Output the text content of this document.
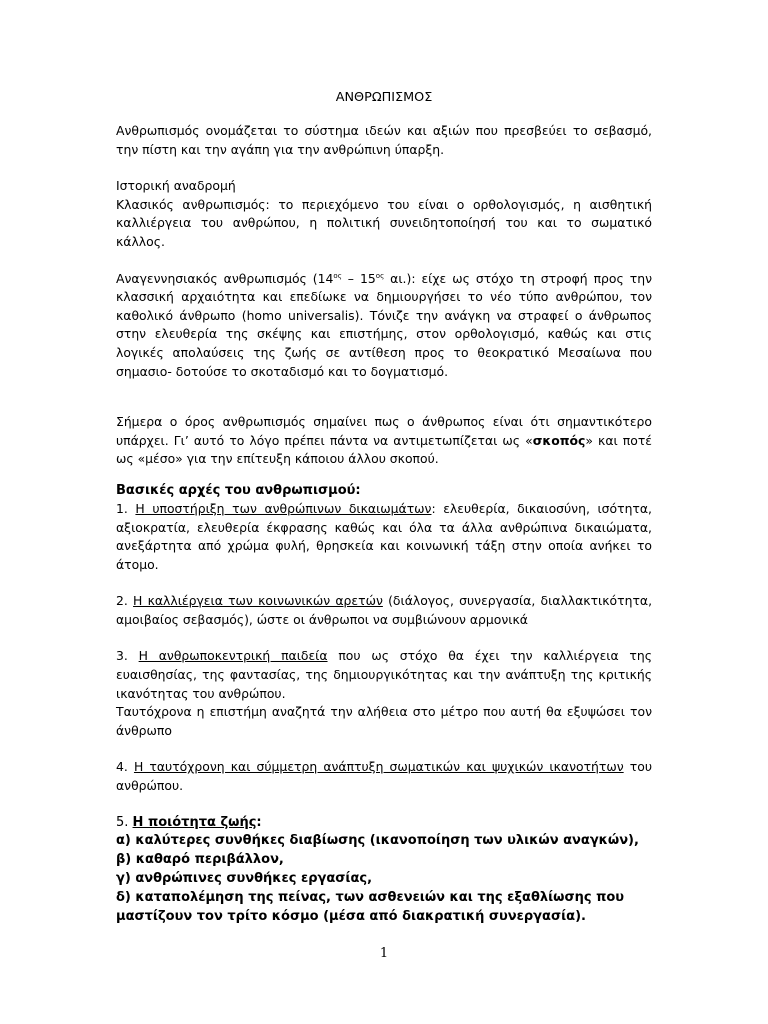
ΑΝΘΡΩΠΙΣΜΟΣ

Ανθρωπισμός ονομάζεται το σύστημα ιδεών και αξιών που πρεσβεύει το σεβασμό, την πίστη και την αγάπη για την ανθρώπινη ύπαρξη.

Ιστορική αναδρομή

Κλασικός ανθρωπισμός: το περιεχόμενο του είναι ο ορθολογισμός, η αισθητική καλλιέργεια του ανθρώπου, η πολιτική συνειδητοποίησή του και το σωματικό κάλλος.

Αναγεννησιακός ανθρωπισμός ($14^{o\varsigma} - 15^{o\varsigma}$ αι.): είχε ως στόχο τη στροφή προς την κλασσική αρχαιότητα και επεδίωκε να δημιουργήσει το νέο τύπο ανθρώπου, τον καθολικό άνθρωπο (homo universalis). Τόνιζε την ανάγκη να στραφεί ο άνθρωπος στην ελευθερία της σκέψης και επιστήμης, στον ορθολογισμό, καθώς και στις λογικές απολαύσεις της ζωής σε αντίθεση προς το θεοκρατικό Μεσαίωνα που σημασιο- δοτούσε το σκοταδισμό και το δογματισμό.

Σήμερα ο όρος ανθρωπισμός σημαίνει πως ο άνθρωπος είναι ότι σημαντικότερο υπάρχει. Γι’ αυτό το λόγο πρέπει πάντα να αντιμετωπίζεται ως «σκοπός» και ποτέ ως «μέσο» για την επίτευξη κάποιου άλλου σκοπού.

Βασικές αρχές του ανθρωπισμού:

1. Η υποστήριξη των ανθρώπινων δικαιωμάτων: ελευθερία, δικαιοσύνη, ισότητα, αξιοκρατία, ελευθερία έκφρασης καθώς και όλα τα άλλα ανθρώπινα δικαιώματα, ανεξάρτητα από χρώμα φυλή, θρησκεία και κοινωνική τάξη στην οποία ανήκει το άτομο.

2. Η καλλιέργεια των κοινωνικών αρετών (διάλογος, συνεργασία, διαλλακτικότητα, αμοιβαίος σεβασμός), ώστε οι άνθρωποι να συμβιώνουν αρμονικά

3. Η ανθρωποκεντρική παιδεία που ως στόχο θα έχει την καλλιέργεια της ευαισθησίας, της φαντασίας, της δημιουργικότητας και την ανάπτυξη της κριτικής ικανότητας του ανθρώπου.

Ταυτόχρονα η επιστήμη αναζητά την αλήθεια στο μέτρο που αυτή θα εξυψώσει τον άνθρωπο

4. Η ταυτόχρονη και σύμμετρη ανάπτυξη σωματικών και ψυχικών ικανοτήτων του ανθρώπου.

5. Η ποιότητα ζωής:

α) καλύτερες συνθήκες διαβίωσης (ικανοποίηση των υλικών αναγκών),

β) καθαρό περιβάλλον,

γ) ανθρώπινες συνθήκες εργασίας,

δ) καταπολέμηση της πείνας, των ασθενειών και της εξαθλίωσης που μαστίζουν τον τρίτο κόσμο (μέσα από διακρατική συνεργασία).

1
